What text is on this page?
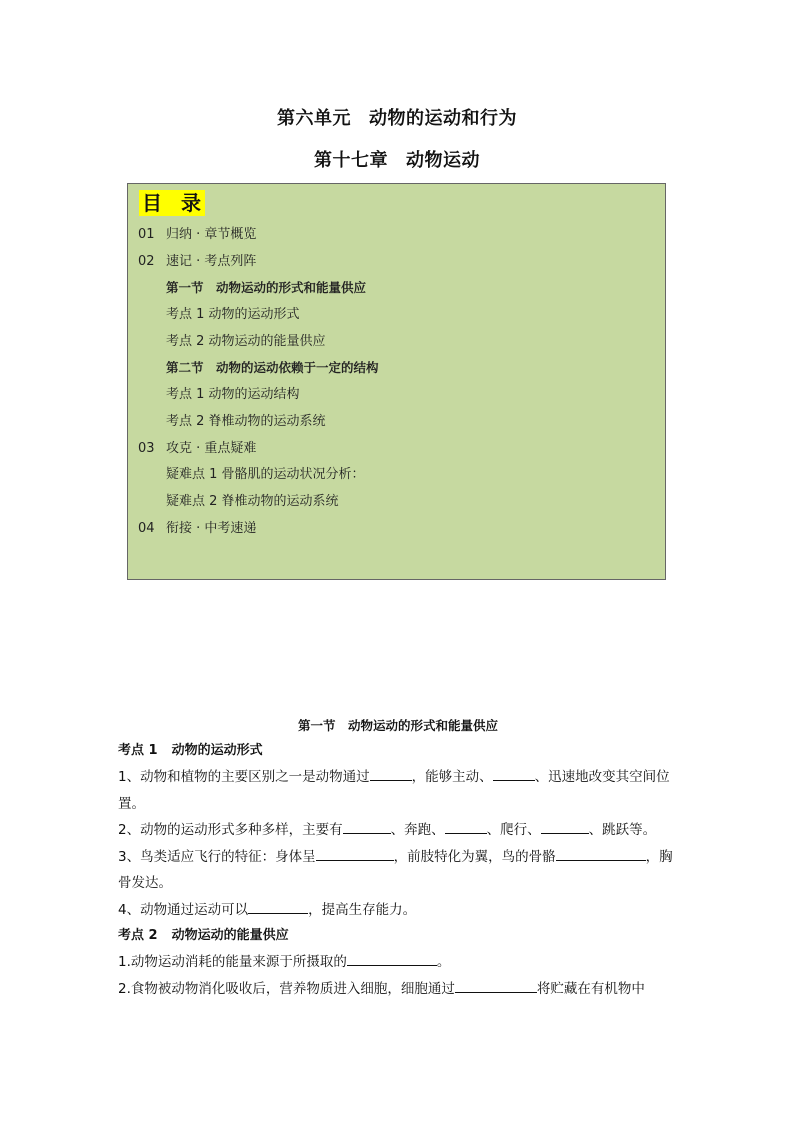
第六单元 动物的运动和行为
第十七章 动物运动
目 录
01 归纳 · 章节概览
02 速记 · 考点列阵
第一节　动物运动的形式和能量供应
考点 1 动物的运动形式
考点 2 动物运动的能量供应
第二节　动物的运动依赖于一定的结构
考点 1 动物的运动结构
考点 2 脊椎动物的运动系统
03 攻克 · 重点疑难
疑难点 1 骨骼肌的运动状况分析：
疑难点 2 脊椎动物的运动系统
04 衔接 · 中考速递
第一节　动物运动的形式和能量供应
考点 1 动物的运动形式

1、动物和植物的主要区别之一是动物通过	，能够主动、	、迅速地改变其空间位置。

2、动物的运动形式多种多样，主要有	、奔跑、	、爬行、	、跳跃等。

3、鸟类适应飞行的特征：身体呈	，前肢特化为翼，鸟的骨骼	，胸骨发达。

4、动物通过运动可以	，提高生存能力。

考点 2 动物运动的能量供应

1.动物运动消耗的能量来源于所摄取的	。

2.食物被动物消化吸收后，营养物质进入细胞，细胞通过	将贮藏在有机物中
